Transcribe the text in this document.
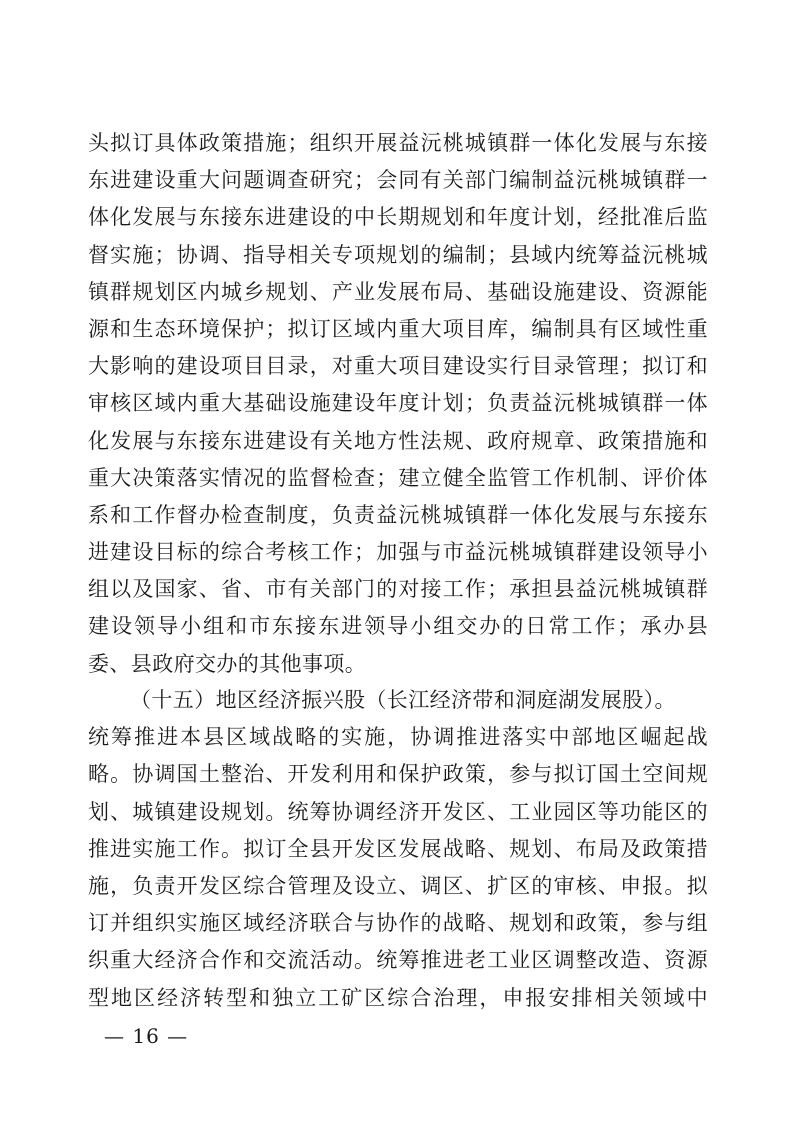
头拟订具体政策措施；组织开展益沅桃城镇群一体化发展与东接
东进建设重大问题调查研究；会同有关部门编制益沅桃城镇群一
体化发展与东接东进建设的中长期规划和年度计划，经批准后监
督实施；协调、指导相关专项规划的编制；县域内统筹益沅桃城
镇群规划区内城乡规划、产业发展布局、基础设施建设、资源能
源和生态环境保护；拟订区域内重大项目库，编制具有区域性重
大影响的建设项目目录，对重大项目建设实行目录管理；拟订和
审核区域内重大基础设施建设年度计划；负责益沅桃城镇群一体
化发展与东接东进建设有关地方性法规、政府规章、政策措施和
重大决策落实情况的监督检查；建立健全监管工作机制、评价体
系和工作督办检查制度，负责益沅桃城镇群一体化发展与东接东
进建设目标的综合考核工作；加强与市益沅桃城镇群建设领导小
组以及国家、省、市有关部门的对接工作；承担县益沅桃城镇群
建设领导小组和市东接东进领导小组交办的日常工作；承办县
委、县政府交办的其他事项。
（十五）地区经济振兴股（长江经济带和洞庭湖发展股）。
统筹推进本县区域战略的实施，协调推进落实中部地区崛起战
略。协调国土整治、开发利用和保护政策，参与拟订国土空间规
划、城镇建设规划。统筹协调经济开发区、工业园区等功能区的
推进实施工作。拟订全县开发区发展战略、规划、布局及政策措
施，负责开发区综合管理及设立、调区、扩区的审核、申报。拟
订并组织实施区域经济联合与协作的战略、规划和政策，参与组
织重大经济合作和交流活动。统筹推进老工业区调整改造、资源
型地区经济转型和独立工矿区综合治理，申报安排相关领域中
— 16 —
